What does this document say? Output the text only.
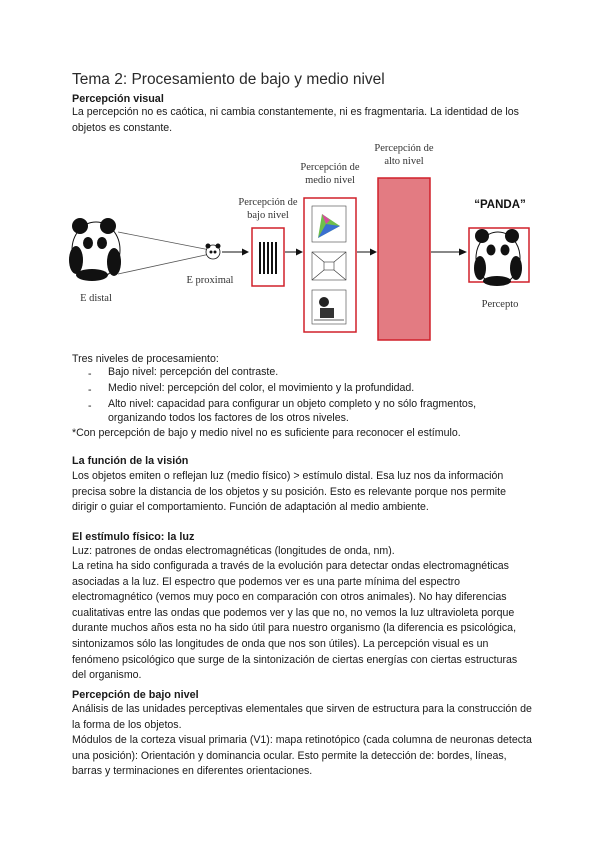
Tema 2: Procesamiento de bajo y medio nivel
Percepción visual
La percepción no es caótica, ni cambia constantemente, ni es fragmentaria. La identidad de los objetos es constante.
Percepción de
alto nivel
Percepción de
medio nivel
Percepción de
bajo nivel
“PANDA”
E distal
E proximal
Percepto
Tres niveles de procesamiento:
- Bajo nivel: percepción del contraste.
- Medio nivel: percepción del color, el movimiento y la profundidad.
- Alto nivel: capacidad para configurar un objeto completo y no sólo fragmentos,
organizando todos los factores de los otros niveles.
*Con percepción de bajo y medio nivel no es suficiente para reconocer el estímulo.
La función de la visión
Los objetos emiten o reflejan luz (medio físico) > estímulo distal. Esa luz nos da información precisa sobre la distancia de los objetos y su posición. Esto es relevante porque nos permite dirigir o guiar el comportamiento. Función de adaptación al medio ambiente.
El estímulo físico: la luz
Luz: patrones de ondas electromagnéticas (longitudes de onda, nm).
La retina ha sido configurada a través de la evolución para detectar ondas electromagnéticas asociadas a la luz. El espectro que podemos ver es una parte mínima del espectro electromagnético (vemos muy poco en comparación con otros animales). No hay diferencias cualitativas entre las ondas que podemos ver y las que no, no vemos la luz ultravioleta porque durante muchos años esta no ha sido útil para nuestro organismo (la diferencia es psicológica, sintonizamos sólo las longitudes de onda que nos son útiles). La percepción visual es un fenómeno psicológico que surge de la sintonización de ciertas energías con ciertas estructuras del organismo.
Percepción de bajo nivel
Análisis de las unidades perceptivas elementales que sirven de estructura para la construcción de la forma de los objetos.
Módulos de la corteza visual primaria (V1): mapa retinotópico (cada columna de neuronas detecta una posición): Orientación y dominancia ocular. Esto permite la detección de: bordes, líneas, barras y terminaciones en diferentes orientaciones.
